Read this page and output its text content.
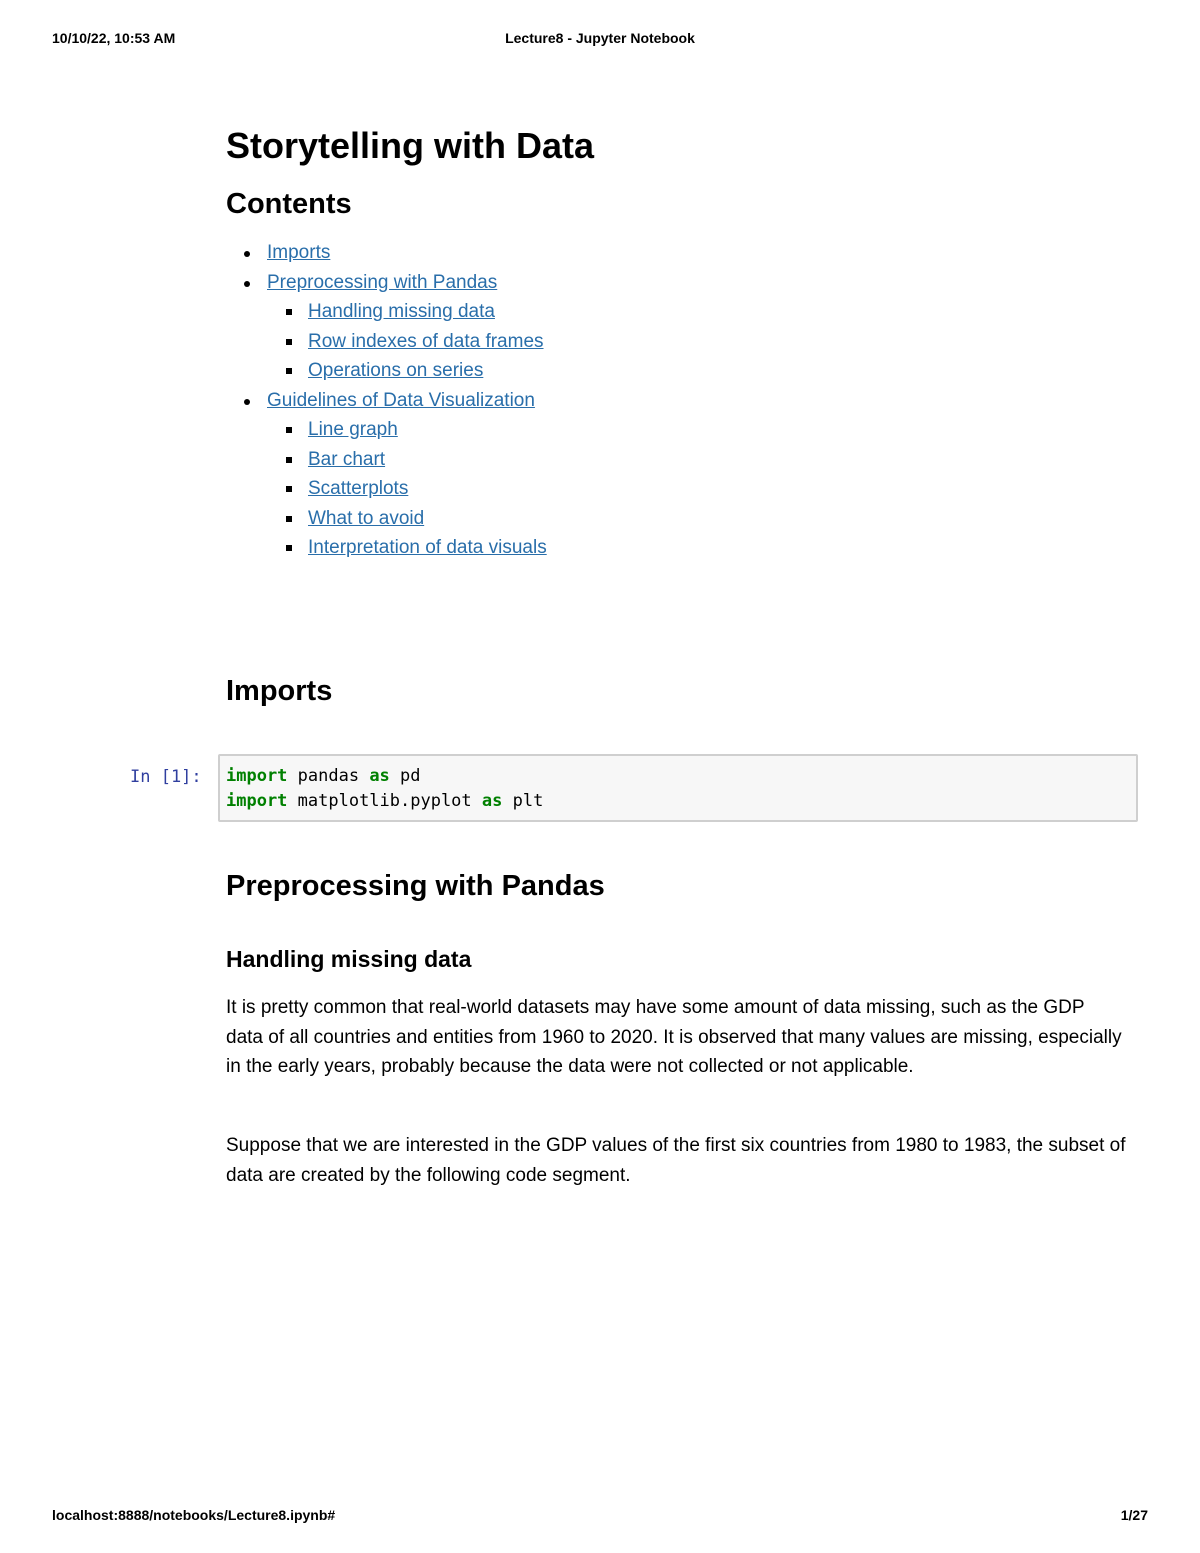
10/10/22, 10:53 AM	Lecture8 - Jupyter Notebook
Storytelling with Data
Contents
Imports
Preprocessing with Pandas
Handling missing data
Row indexes of data frames
Operations on series
Guidelines of Data Visualization
Line graph
Bar chart
Scatterplots
What to avoid
Interpretation of data visuals
Imports
In [1]: import pandas as pd
import matplotlib.pyplot as plt
Preprocessing with Pandas
Handling missing data

It is pretty common that real-world datasets may have some amount of data missing, such as the GDP data of all countries and entities from 1960 to 2020. It is observed that many values are missing, especially in the early years, probably because the data were not collected or not applicable.

Suppose that we are interested in the GDP values of the first six countries from 1980 to 1983, the subset of data are created by the following code segment.

localhost:8888/notebooks/Lecture8.ipynb#	1/27
